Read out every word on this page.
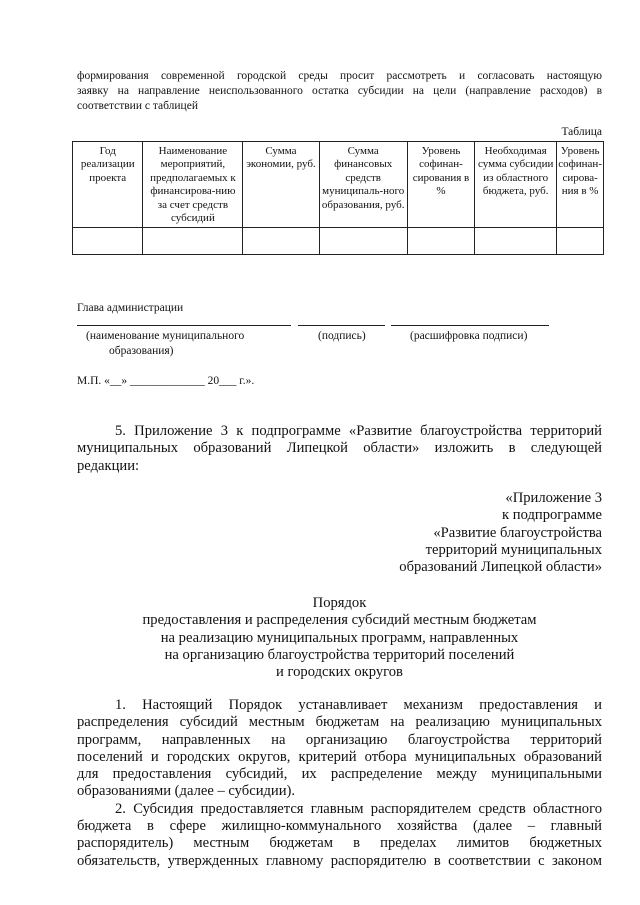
формирования современной городской среды просит рассмотреть и согласовать настоящую
заявку на направление неиспользованного остатка субсидии на цели (направление расходов) в
соответствии с таблицей
Таблица
Год реализации проекта	Наименование мероприятий, предполагаемых к финансирова-нию за счет средств субсидий	Сумма экономии, руб.	Сумма финансовых средств муниципаль-ного образования, руб.	Уровень софинан-сирования в %	Необходимая сумма субсидии из областного бюджета, руб.	Уровень софинан-сирова-ния в %

Глава администрации
(наименование муниципального
образования)
(подпись)	(расшифровка подписи)
М.П. «__» _____________ 20___ г.».
5. Приложение 3 к подпрограмме «Развитие благоустройства территорий
муниципальных образований Липецкой области» изложить в следующей
редакции:
«Приложение 3
к подпрограмме
«Развитие благоустройства
территорий муниципальных
образований Липецкой области»
Порядок
предоставления и распределения субсидий местным бюджетам
на реализацию муниципальных программ, направленных
на организацию благоустройства территорий поселений
и городских округов
1. Настоящий Порядок устанавливает механизм предоставления и
распределения субсидий местным бюджетам на реализацию муниципальных
программ, направленных на организацию благоустройства территорий
поселений и городских округов, критерий отбора муниципальных образований
для предоставления субсидий, их распределение между муниципальными
образованиями (далее – субсидии).
2. Субсидия предоставляется главным распорядителем средств областного
бюджета в сфере жилищно-коммунального хозяйства (далее – главный
распорядитель) местным бюджетам в пределах лимитов бюджетных
обязательств, утвержденных главному распорядителю в соответствии с законом
